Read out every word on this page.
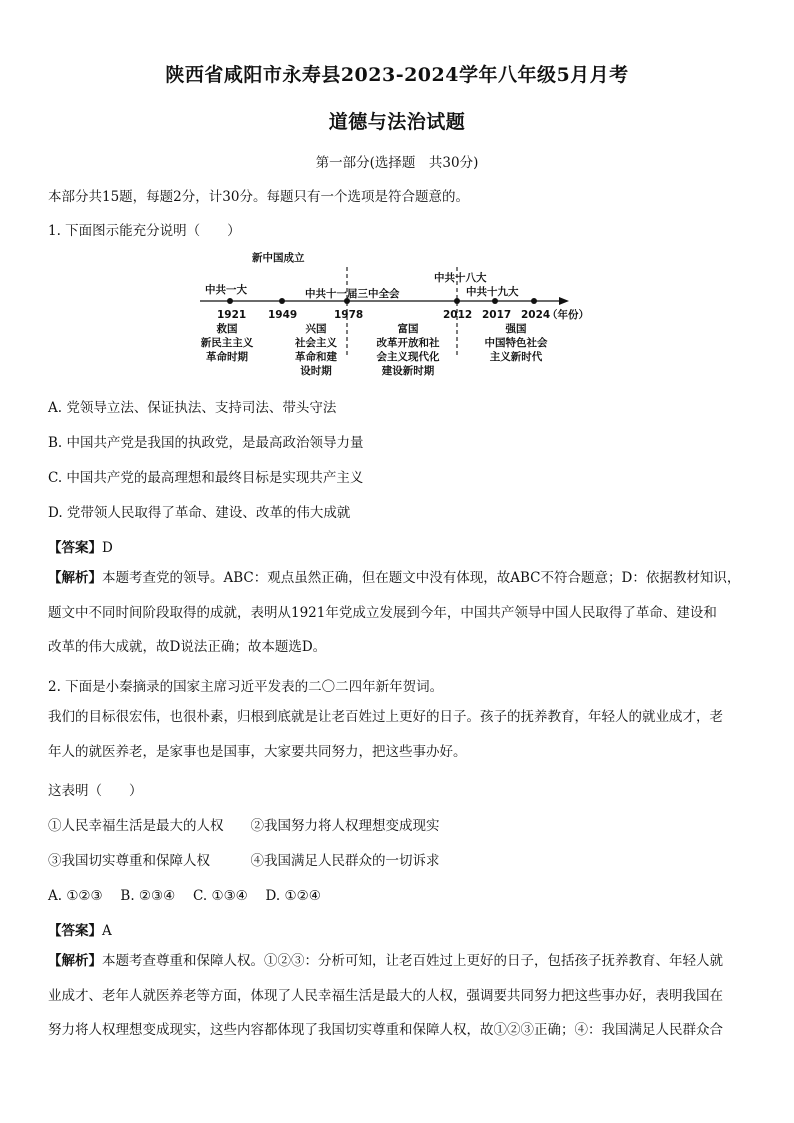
陕西省咸阳市永寿县2023-2024学年八年级5月月考
道德与法治试题
第一部分(选择题　共30分)
本部分共15题，每题2分，计30分。每题只有一个选项是符合题意的。
1. 下面图示能充分说明（　　）
新中国成立
中共一大	中共十一届三中全会
中共十八大
中共十九大
1921 1949	1978	2012 2017 2024
（年份）
救国
新民主主义
革命时期
兴国
社会主义
革命和建
设时期
富国
改革开放和社
会主义现代化
建设新时期
强国
中国特色社会
主义新时代
A. 党领导立法、保证执法、支持司法、带头守法
B. 中国共产党是我国的执政党，是最高政治领导力量
C. 中国共产党的最高理想和最终目标是实现共产主义
D. 党带领人民取得了革命、建设、改革的伟大成就
【答案】D
【解析】本题考查党的领导。ABC：观点虽然正确，但在题文中没有体现，故ABC不符合题意；D：依据教材知识，
题文中不同时间阶段取得的成就，表明从1921年党成立发展到今年，中国共产领导中国人民取得了革命、建设和
改革的伟大成就，故D说法正确；故本题选D。
2. 下面是小秦摘录的国家主席习近平发表的二〇二四年新年贺词。
我们的目标很宏伟，也很朴素，归根到底就是让老百姓过上更好的日子。孩子的抚养教育，年轻人的就业成才，老
年人的就医养老，是家事也是国事，大家要共同努力，把这些事办好。
这表明（　　）
①人民幸福生活是最大的人权　　②我国努力将人权理想变成现实
③我国切实尊重和保障人权　　　④我国满足人民群众的一切诉求
A. ①②③　 B. ②③④　 C. ①③④　 D. ①②④
【答案】A
【解析】本题考查尊重和保障人权。①②③：分析可知，让老百姓过上更好的日子，包括孩子抚养教育、年轻人就
业成才、老年人就医养老等方面，体现了人民幸福生活是最大的人权，强调要共同努力把这些事办好，表明我国在
努力将人权理想变成现实，这些内容都体现了我国切实尊重和保障人权，故①②③正确；④：我国满足人民群众合
